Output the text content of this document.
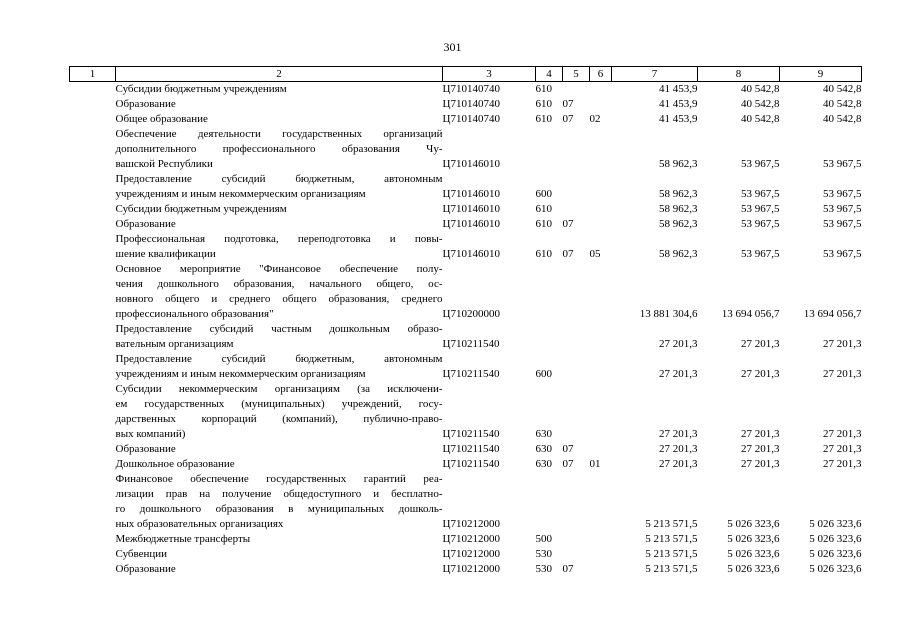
301
1	2	3	4	5	6	7	8	9

	Субсидии бюджетным учреждениям	Ц710140740	610			41 453,9	40 542,8	40 542,8

	Образование	Ц710140740	610	07		41 453,9	40 542,8	40 542,8

	Общее образование	Ц710140740	610	07	02	41 453,9	40 542,8	40 542,8

	Обеспечение деятельности государственных организаций
дополнительного профессионального образования Чу-
вашской Республики	Ц710146010				58 962,3	53 967,5	53 967,5

	Предоставление субсидий бюджетным, автономным
учреждениям и иным некоммерческим организациям	Ц710146010	600			58 962,3	53 967,5	53 967,5

	Субсидии бюджетным учреждениям	Ц710146010	610			58 962,3	53 967,5	53 967,5

	Образование	Ц710146010	610	07		58 962,3	53 967,5	53 967,5

	Профессиональная подготовка, переподготовка и повы-
шение квалификации	Ц710146010	610	07	05	58 962,3	53 967,5	53 967,5

	Основное мероприятие "Финансовое обеспечение полу-
чения дошкольного образования, начального общего, ос-
новного общего и среднего общего образования, среднего
профессионального образования"	Ц710200000				13 881 304,6	13 694 056,7	13 694 056,7

	Предоставление субсидий частным дошкольным образо-
вательным организациям	Ц710211540				27 201,3	27 201,3	27 201,3

	Предоставление субсидий бюджетным, автономным
учреждениям и иным некоммерческим организациям	Ц710211540	600			27 201,3	27 201,3	27 201,3

	Субсидии некоммерческим организациям (за исключени-
ем государственных (муниципальных) учреждений, госу-
дарственных корпораций (компаний), публично-право-
вых компаний)	Ц710211540	630			27 201,3	27 201,3	27 201,3

	Образование	Ц710211540	630	07		27 201,3	27 201,3	27 201,3

	Дошкольное образование	Ц710211540	630	07	01	27 201,3	27 201,3	27 201,3

	Финансовое обеспечение государственных гарантий реа-
лизации прав на получение общедоступного и бесплатно-
го дошкольного образования в муниципальных дошколь-
ных образовательных организациях	Ц710212000				5 213 571,5	5 026 323,6	5 026 323,6

	Межбюджетные трансферты	Ц710212000	500			5 213 571,5	5 026 323,6	5 026 323,6

	Субвенции	Ц710212000	530			5 213 571,5	5 026 323,6	5 026 323,6

	Образование	Ц710212000	530	07		5 213 571,5	5 026 323,6	5 026 323,6
